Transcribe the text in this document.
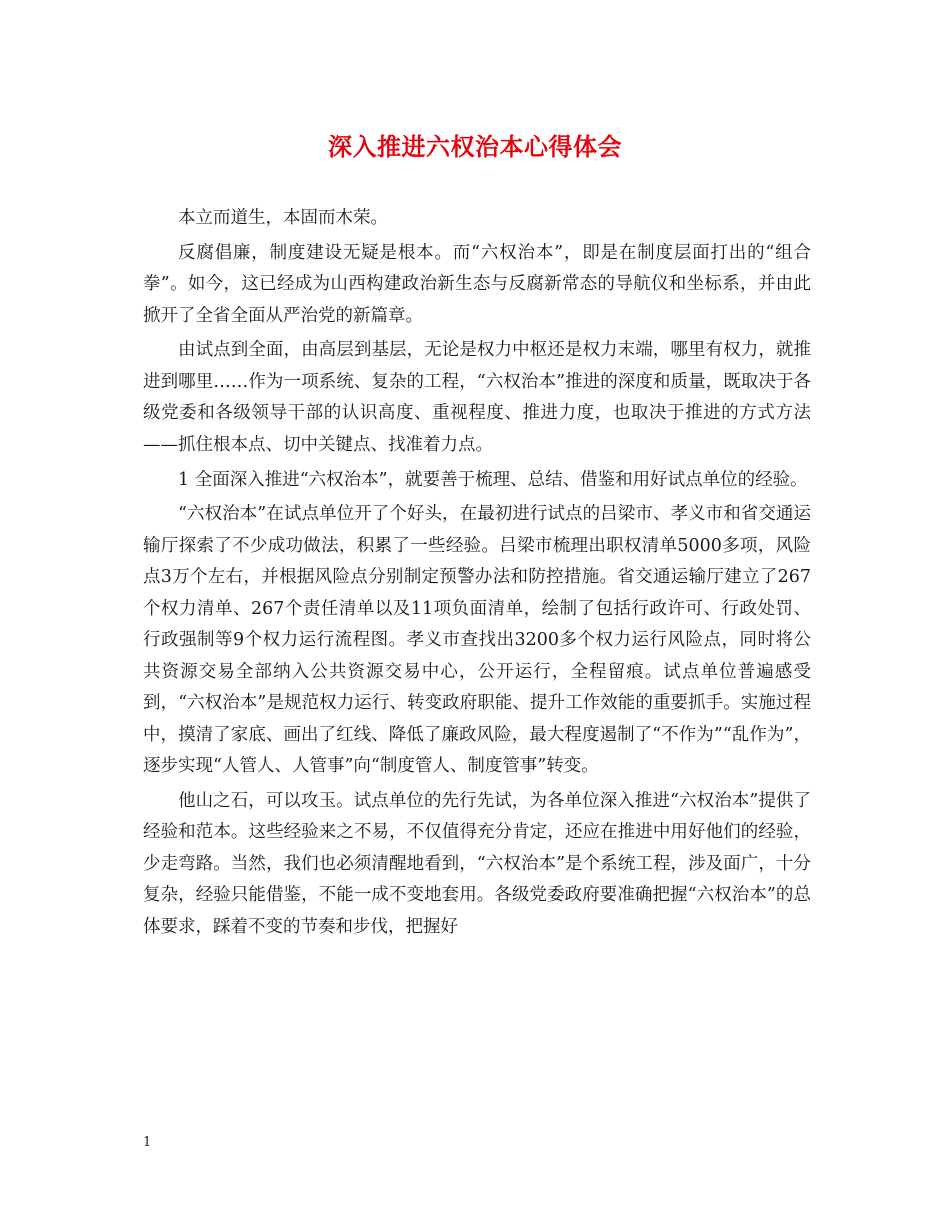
深入推进六权治本心得体会

本立而道生，本固而木荣。

反腐倡廉，制度建设无疑是根本。而“六权治本”，即是在制度层面打出的“组合拳”。如今，这已经成为山西构建政治新生态与反腐新常态的导航仪和坐标系，并由此掀开了全省全面从严治党的新篇章。

由试点到全面，由高层到基层，无论是权力中枢还是权力末端，哪里有权力，就推进到哪里……作为一项系统、复杂的工程，“六权治本”推进的深度和质量，既取决于各级党委和各级领导干部的认识高度、重视程度、推进力度，也取决于推进的方式方法——抓住根本点、切中关键点、找准着力点。

1 全面深入推进“六权治本”，就要善于梳理、总结、借鉴和用好试点单位的经验。

“六权治本”在试点单位开了个好头，在最初进行试点的吕梁市、孝义市和省交通运输厅探索了不少成功做法，积累了一些经验。吕梁市梳理出职权清单5000多项，风险点3万个左右，并根据风险点分别制定预警办法和防控措施。省交通运输厅建立了267个权力清单、267个责任清单以及11项负面清单，绘制了包括行政许可、行政处罚、行政强制等9个权力运行流程图。孝义市查找出3200多个权力运行风险点，同时将公共资源交易全部纳入公共资源交易中心，公开运行，全程留痕。试点单位普遍感受到，“六权治本”是规范权力运行、转变政府职能、提升工作效能的重要抓手。实施过程中，摸清了家底、画出了红线、降低了廉政风险，最大程度遏制了“不作为”“乱作为”，逐步实现“人管人、人管事”向“制度管人、制度管事”转变。

他山之石，可以攻玉。试点单位的先行先试，为各单位深入推进“六权治本”提供了经验和范本。这些经验来之不易，不仅值得充分肯定，还应在推进中用好他们的经验，少走弯路。当然，我们也必须清醒地看到，“六权治本”是个系统工程，涉及面广，十分复杂，经验只能借鉴，不能一成不变地套用。各级党委政府要准确把握“六权治本”的总体要求，踩着不变的节奏和步伐，把握好

1
